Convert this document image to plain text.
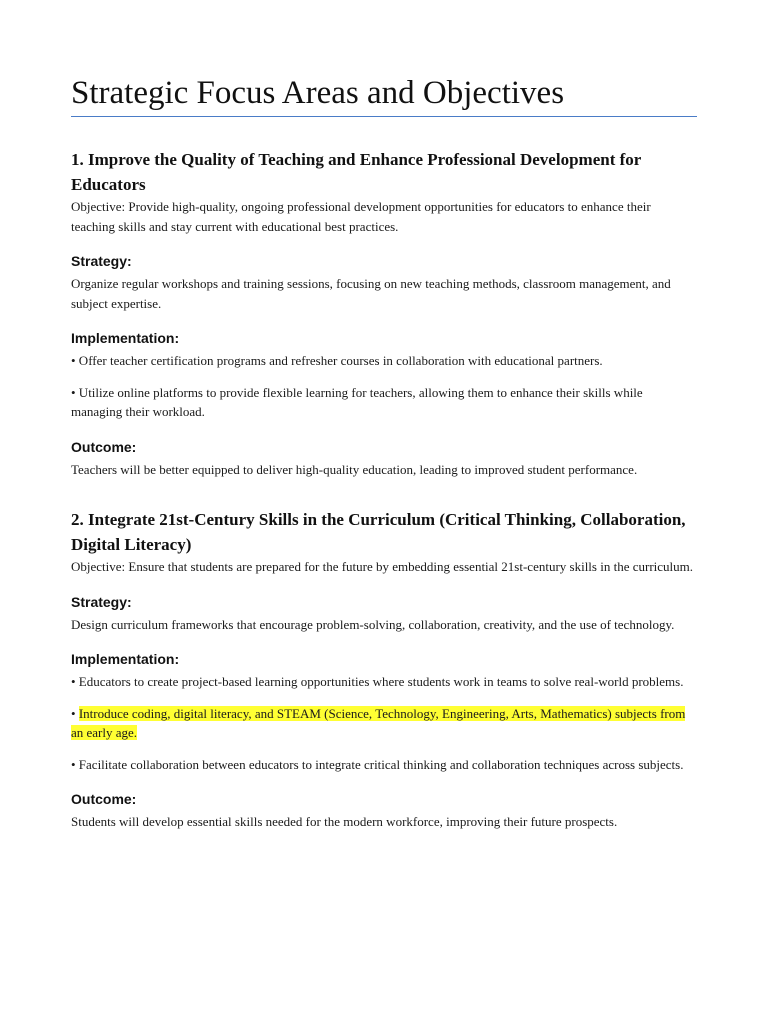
Strategic Focus Areas and Objectives
1. Improve the Quality of Teaching and Enhance Professional Development for Educators

Objective: Provide high-quality, ongoing professional development opportunities for educators to enhance their teaching skills and stay current with educational best practices.

Strategy:

Organize regular workshops and training sessions, focusing on new teaching methods, classroom management, and subject expertise.

Implementation:

• Offer teacher certification programs and refresher courses in collaboration with educational partners.

• Utilize online platforms to provide flexible learning for teachers, allowing them to enhance their skills while managing their workload.

Outcome:

Teachers will be better equipped to deliver high-quality education, leading to improved student performance.

2. Integrate 21st-Century Skills in the Curriculum (Critical Thinking, Collaboration, Digital Literacy)

Objective: Ensure that students are prepared for the future by embedding essential 21st-century skills in the curriculum.

Strategy:

Design curriculum frameworks that encourage problem-solving, collaboration, creativity, and the use of technology.

Implementation:

• Educators to create project-based learning opportunities where students work in teams to solve real-world problems.

• Introduce coding, digital literacy, and STEAM (Science, Technology, Engineering, Arts, Mathematics) subjects from an early age.

• Facilitate collaboration between educators to integrate critical thinking and collaboration techniques across subjects.

Outcome:

Students will develop essential skills needed for the modern workforce, improving their future prospects.
